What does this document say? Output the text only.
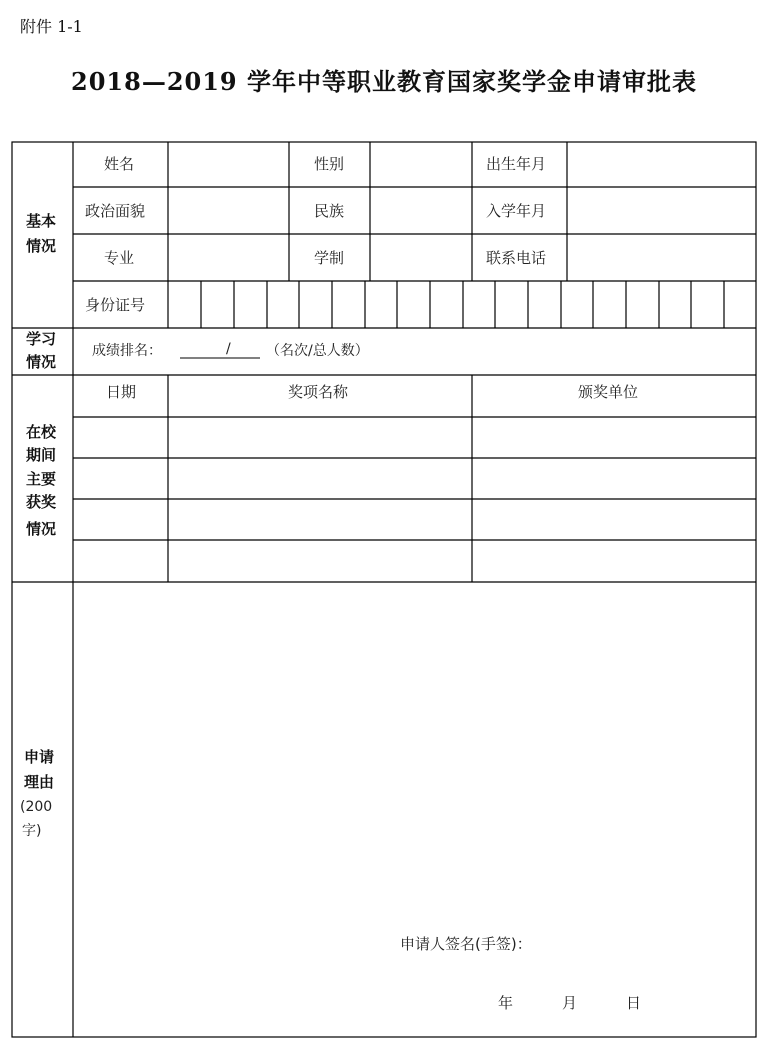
附件 1-1
2018—2019 学年中等职业教育国家奖学金申请审批表
基本
情况
姓名	性别	出生年月
政治面貌	民族	入学年月
专业	学制	联系电话
身份证号
学习
情况
成绩排名：	/	（名次/总人数）
在校
期间
主要
获奖
情况
日期	奖项名称	颁奖单位
申请
理由
(200
字)
申请人签名(手签)：
年	月	日
